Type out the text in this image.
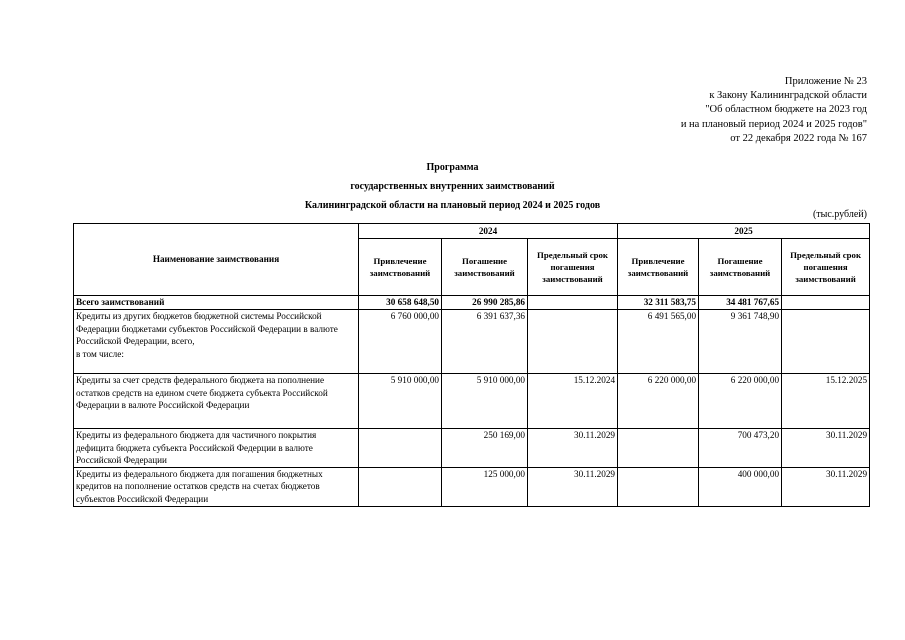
Приложение № 23
к Закону Калининградской области
"Об областном бюджете на 2023 год
и на плановый период 2024 и 2025 годов"
от 22 декабря 2022 года № 167
Программа
государственных внутренних заимствований
Калининградской области на плановый период 2024 и 2025 годов
(тыс.рублей)
Наименование заимствования	2024			2025		
	Привлечение заимствований	Погашение заимствований	Предельный срок погашения заимствований	Привлечение заимствований	Погашение заимствований	Предельный срок погашения заимствований
Всего заимствований	30 658 648,50	26 990 285,86		32 311 583,75	34 481 767,65	

Кредиты из других бюджетов бюджетной системы Российской Федерации бюджетами субъектов Российской Федерации в валюте Российской Федерации, всего,
в том числе:	6 760 000,00	6 391 637,36		6 491 565,00	9 361 748,90	
Кредиты за счет средств федерального бюджета на пополнение остатков средств на едином счете бюджета субъекта Российской Федерации в валюте Российской Федерации	5 910 000,00	5 910 000,00	15.12.2024	6 220 000,00	6 220 000,00	15.12.2025
Кредиты из федерального бюджета для частичного покрытия дефицита бюджета субъекта Российской Федерции в валюте Российской Федерации		250 169,00	30.11.2029		700 473,20	30.11.2029
Кредиты из федерального бюджета для погашения бюджетных кредитов на пополнение остатков средств на счетах бюджетов субъектов Российской Федерации		125 000,00	30.11.2029		400 000,00	30.11.2029
